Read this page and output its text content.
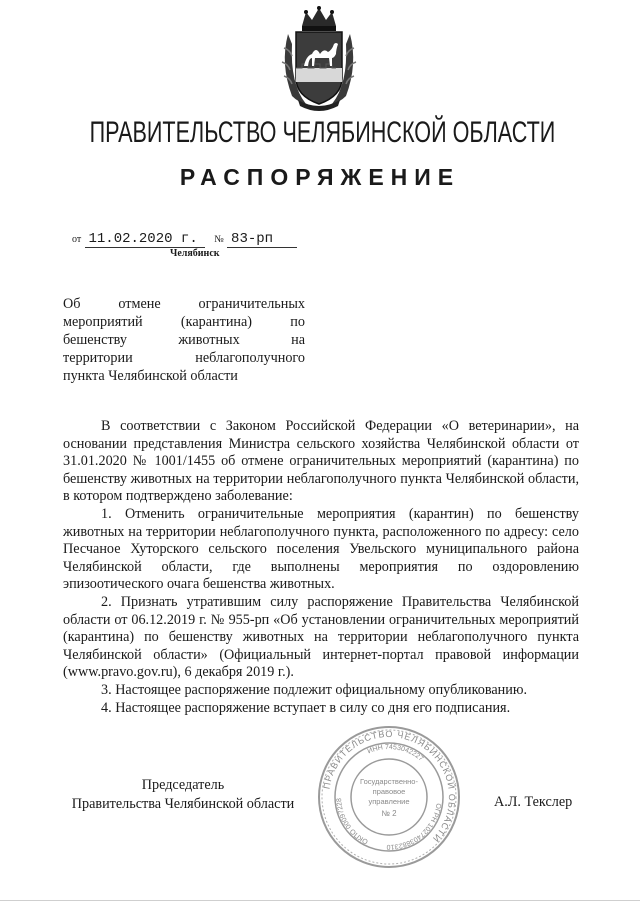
ПРАВИТЕЛЬСТВО ЧЕЛЯБИНСКОЙ ОБЛАСТИ
РАСПОРЯЖЕНИЕ
от 11.02.2020 г. № 83-рп
Челябинск
Об отмене ограничительных
мероприятий (карантина) по
бешенству животных на
территории неблагополучного
пункта Челябинской области

В соответствии с Законом Российской Федерации «О ветеринарии», на основании представления Министра сельского хозяйства Челябинской области от 31.01.2020 № 1001/1455 об отмене ограничительных мероприятий (карантина) по бешенству животных на территории неблагополучного пункта Челябинской области, в котором подтверждено заболевание:

1. Отменить ограничительные мероприятия (карантин) по бешенству животных на территории неблагополучного пункта, расположенного по адресу: село Песчаное Хуторского сельского поселения Увельского муниципального района Челябинской области, где выполнены мероприятия по оздоровлению эпизоотического очага бешенства животных.

2. Признать утратившим силу распоряжение Правительства Челябинской области от 06.12.2019 г. № 955-рп «Об установлении ограничительных мероприятий (карантина) по бешенству животных на территории неблагополучного пункта Челябинской области» (Официальный интернет-портал правовой информации (www.pravo.gov.ru), 6 декабря 2019 г.).

3. Настоящее распоряжение подлежит официальному опубликованию.

4. Настоящее распоряжение вступает в силу со дня его подписания.

ПРАВИТЕЛЬСТВО ЧЕЛЯБИНСКОЙ ОБЛАСТИ
ОГРН 1027403882310
ОКПО 00097228
ИНН 7453042227
Государственно-
правовое
управление
№ 2
Председатель
Правительства Челябинской области	А.Л. Текслер
